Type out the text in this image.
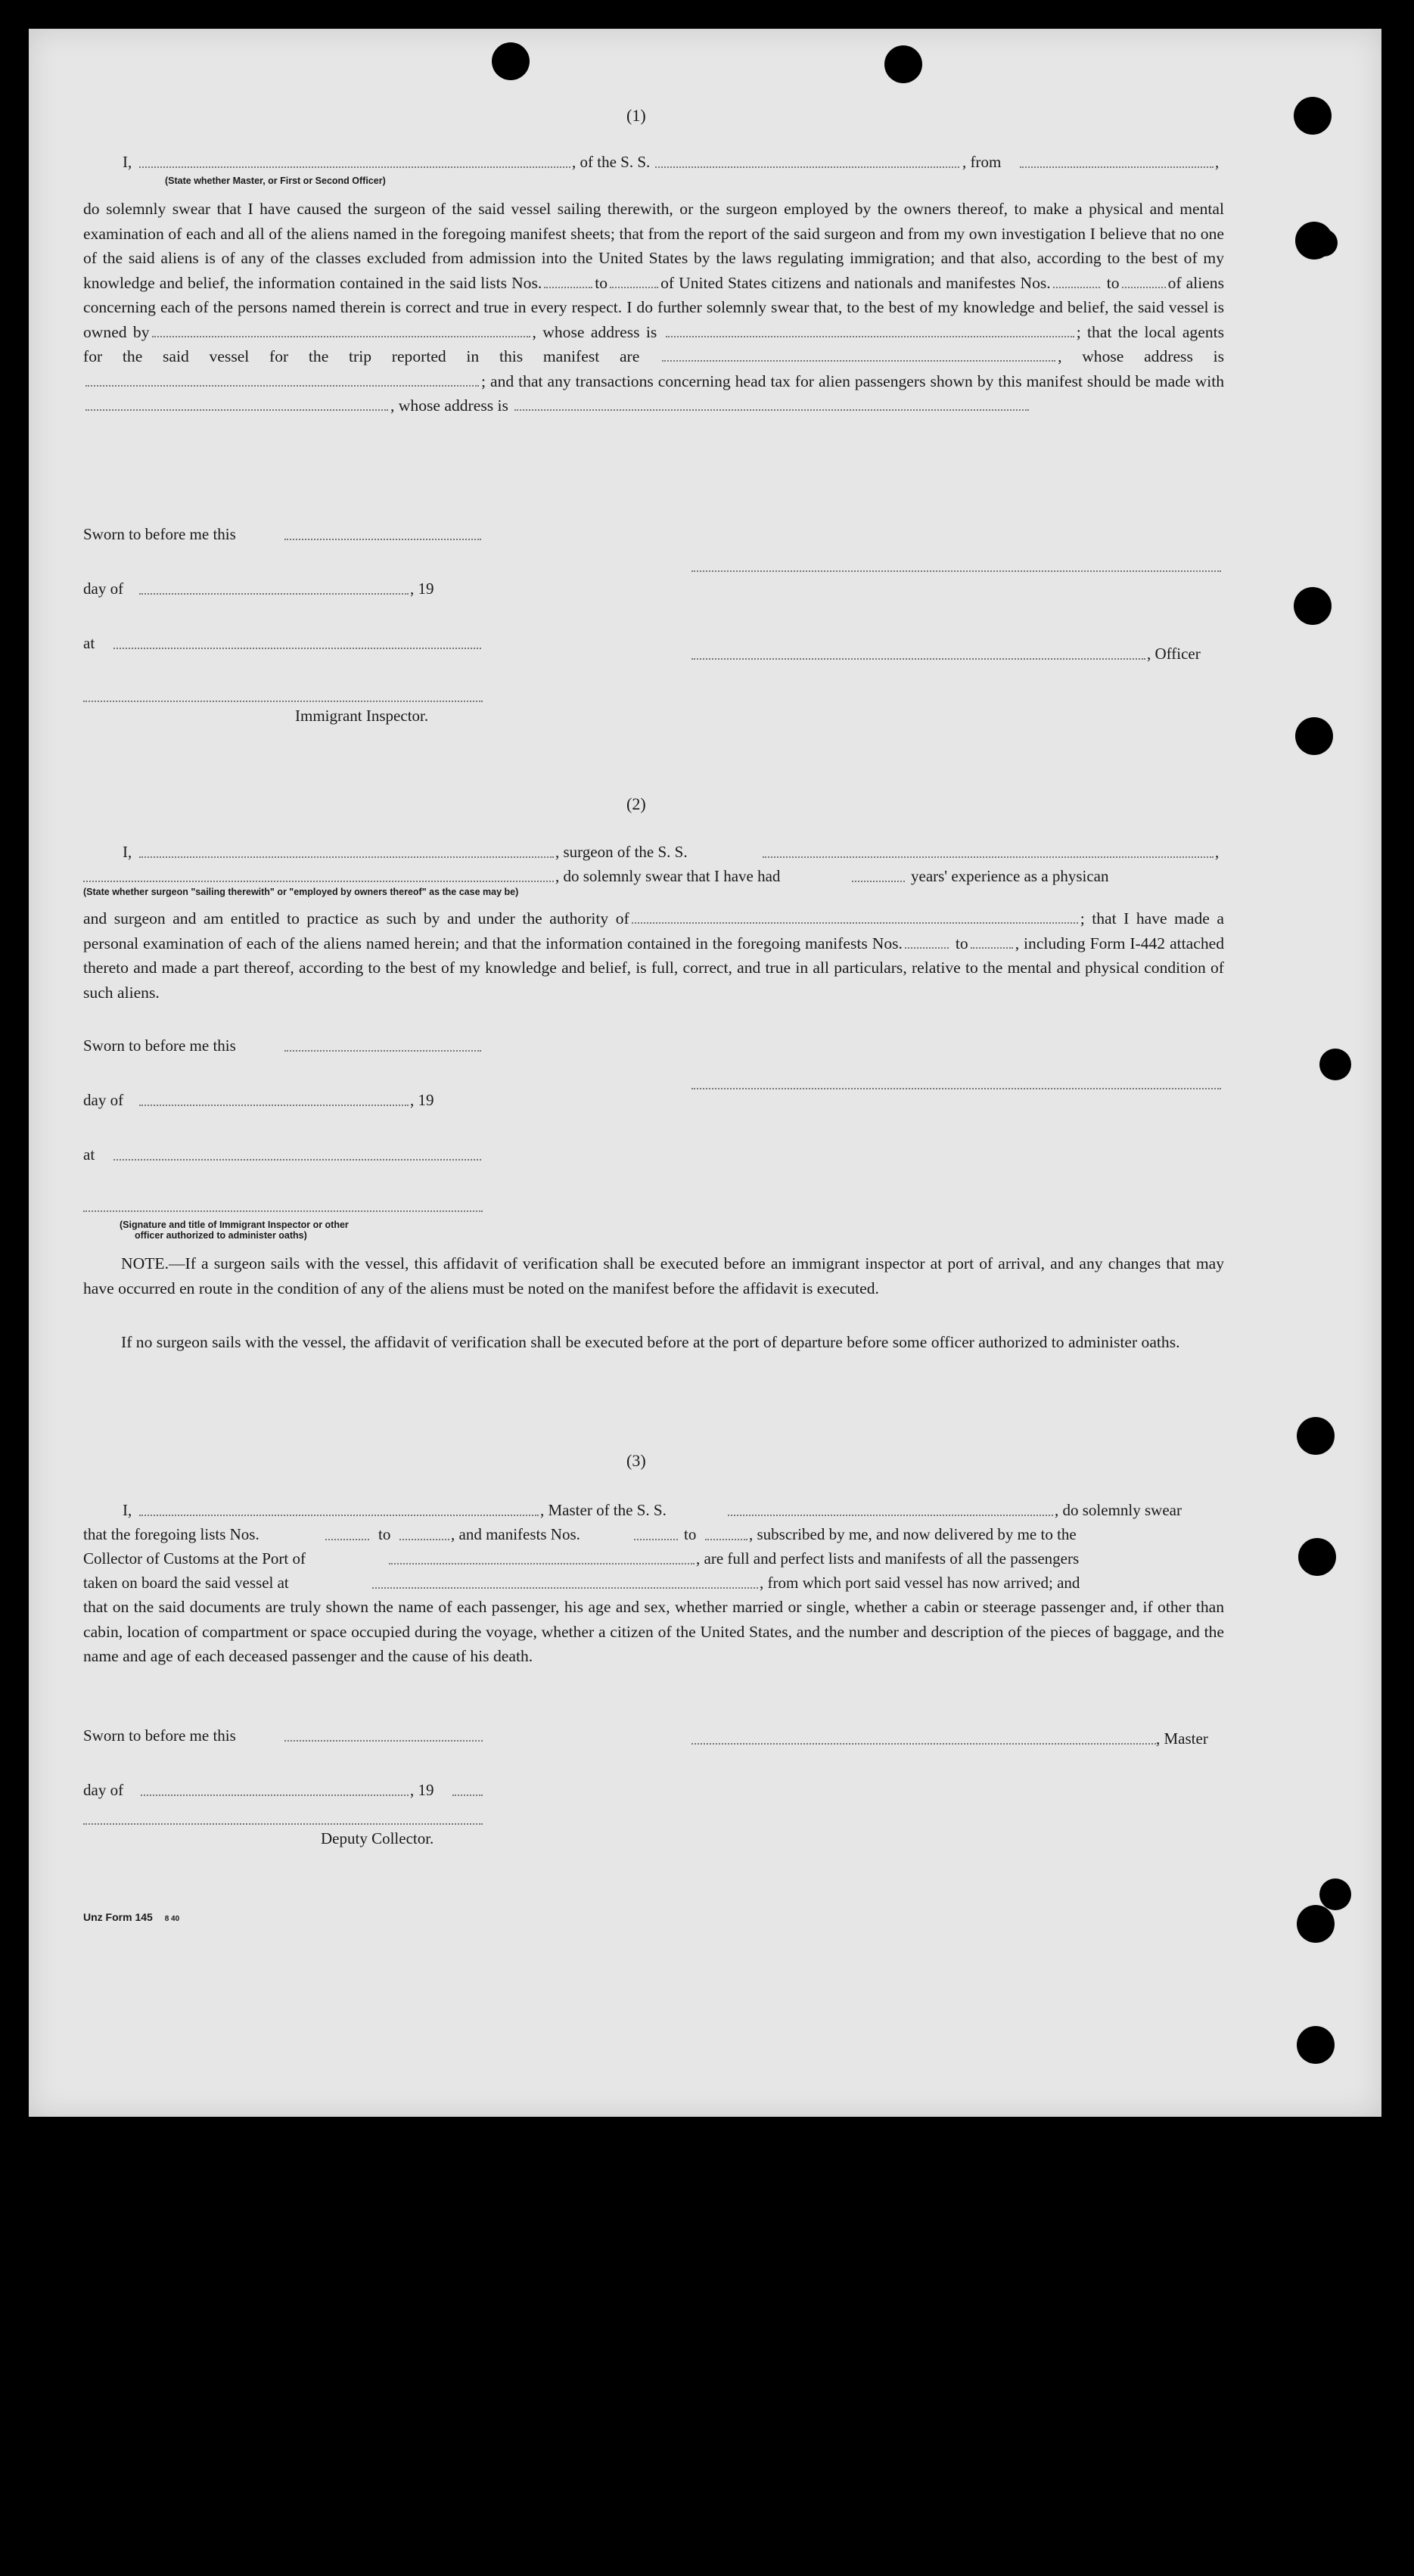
(1)
I,	, of the S. S.	, from	,
(State whether Master, or First or Second Officer)

do solemnly swear that I have caused the surgeon of the said vessel sailing therewith, or the surgeon employed by the owners thereof, to make a physical and mental examination of each and all of the aliens named in the foregoing manifest sheets; that from the report of the said surgeon and from my own investigation I believe that no one of the said aliens is of any of the classes excluded from admission into the United States by the laws regulating immigration; and that also, according to the best of my knowledge and belief, the information contained in the said lists Nos.	to	of United States citizens and nationals and manifestes Nos.	to	of aliens concerning each of the persons named therein is correct and true in every respect. I do further solemnly swear that, to the best of my knowledge and belief, the said vessel is owned by	, whose address is	; that the local agents for the said vessel for the trip reported in this manifest are	, whose address is ; and that any transactions concerning head tax for alien passengers shown by this manifest should be made with , whose address is

Sworn to before me this
day of	, 19
at
, Officer
Immigrant Inspector.
(2)
I,	, surgeon of the S. S.	,
, do solemnly swear that I have had	years' experience as a physican
(State whether surgeon "sailing therewith" or "employed by owners thereof" as the case may be)

and surgeon and am entitled to practice as such by and under the authority of	; that I have made a personal examination of each of the aliens named herein; and that the information contained in the foregoing manifests Nos.	to	, including Form I-442 attached thereto and made a part thereof, according to the best of my knowledge and belief, is full, correct, and true in all particulars, relative to the mental and physical condition of such aliens.

Sworn to before me this
day of	, 19
at
(Signature and title of Immigrant Inspector or other
officer authorized to administer oaths)

NOTE.—If a surgeon sails with the vessel, this affidavit of verification shall be executed before an immigrant inspector at port of arrival, and any changes that may have occurred en route in the condition of any of the aliens must be noted on the manifest before the affidavit is executed.

If no surgeon sails with the vessel, the affidavit of verification shall be executed before at the port of departure before some officer authorized to administer oaths.

(3)
I,	, Master of the S. S.	, do solemnly swear
that the foregoing lists Nos.	to	, and manifests Nos.	to	, subscribed by me, and now delivered by me to the
Collector of Customs at the Port of	, are full and perfect lists and manifests of all the passengers
taken on board the said vessel at	, from which port said vessel has now arrived; and

that on the said documents are truly shown the name of each passenger, his age and sex, whether married or single, whether a cabin or steerage passenger and, if other than cabin, location of compartment or space occupied during the voyage, whether a citizen of the United States, and the number and description of the pieces of baggage, and the name and age of each deceased passenger and the cause of his death.

Sworn to before me this	, Master
day of	, 19
Deputy Collector.
Unz Form 145 8 40
